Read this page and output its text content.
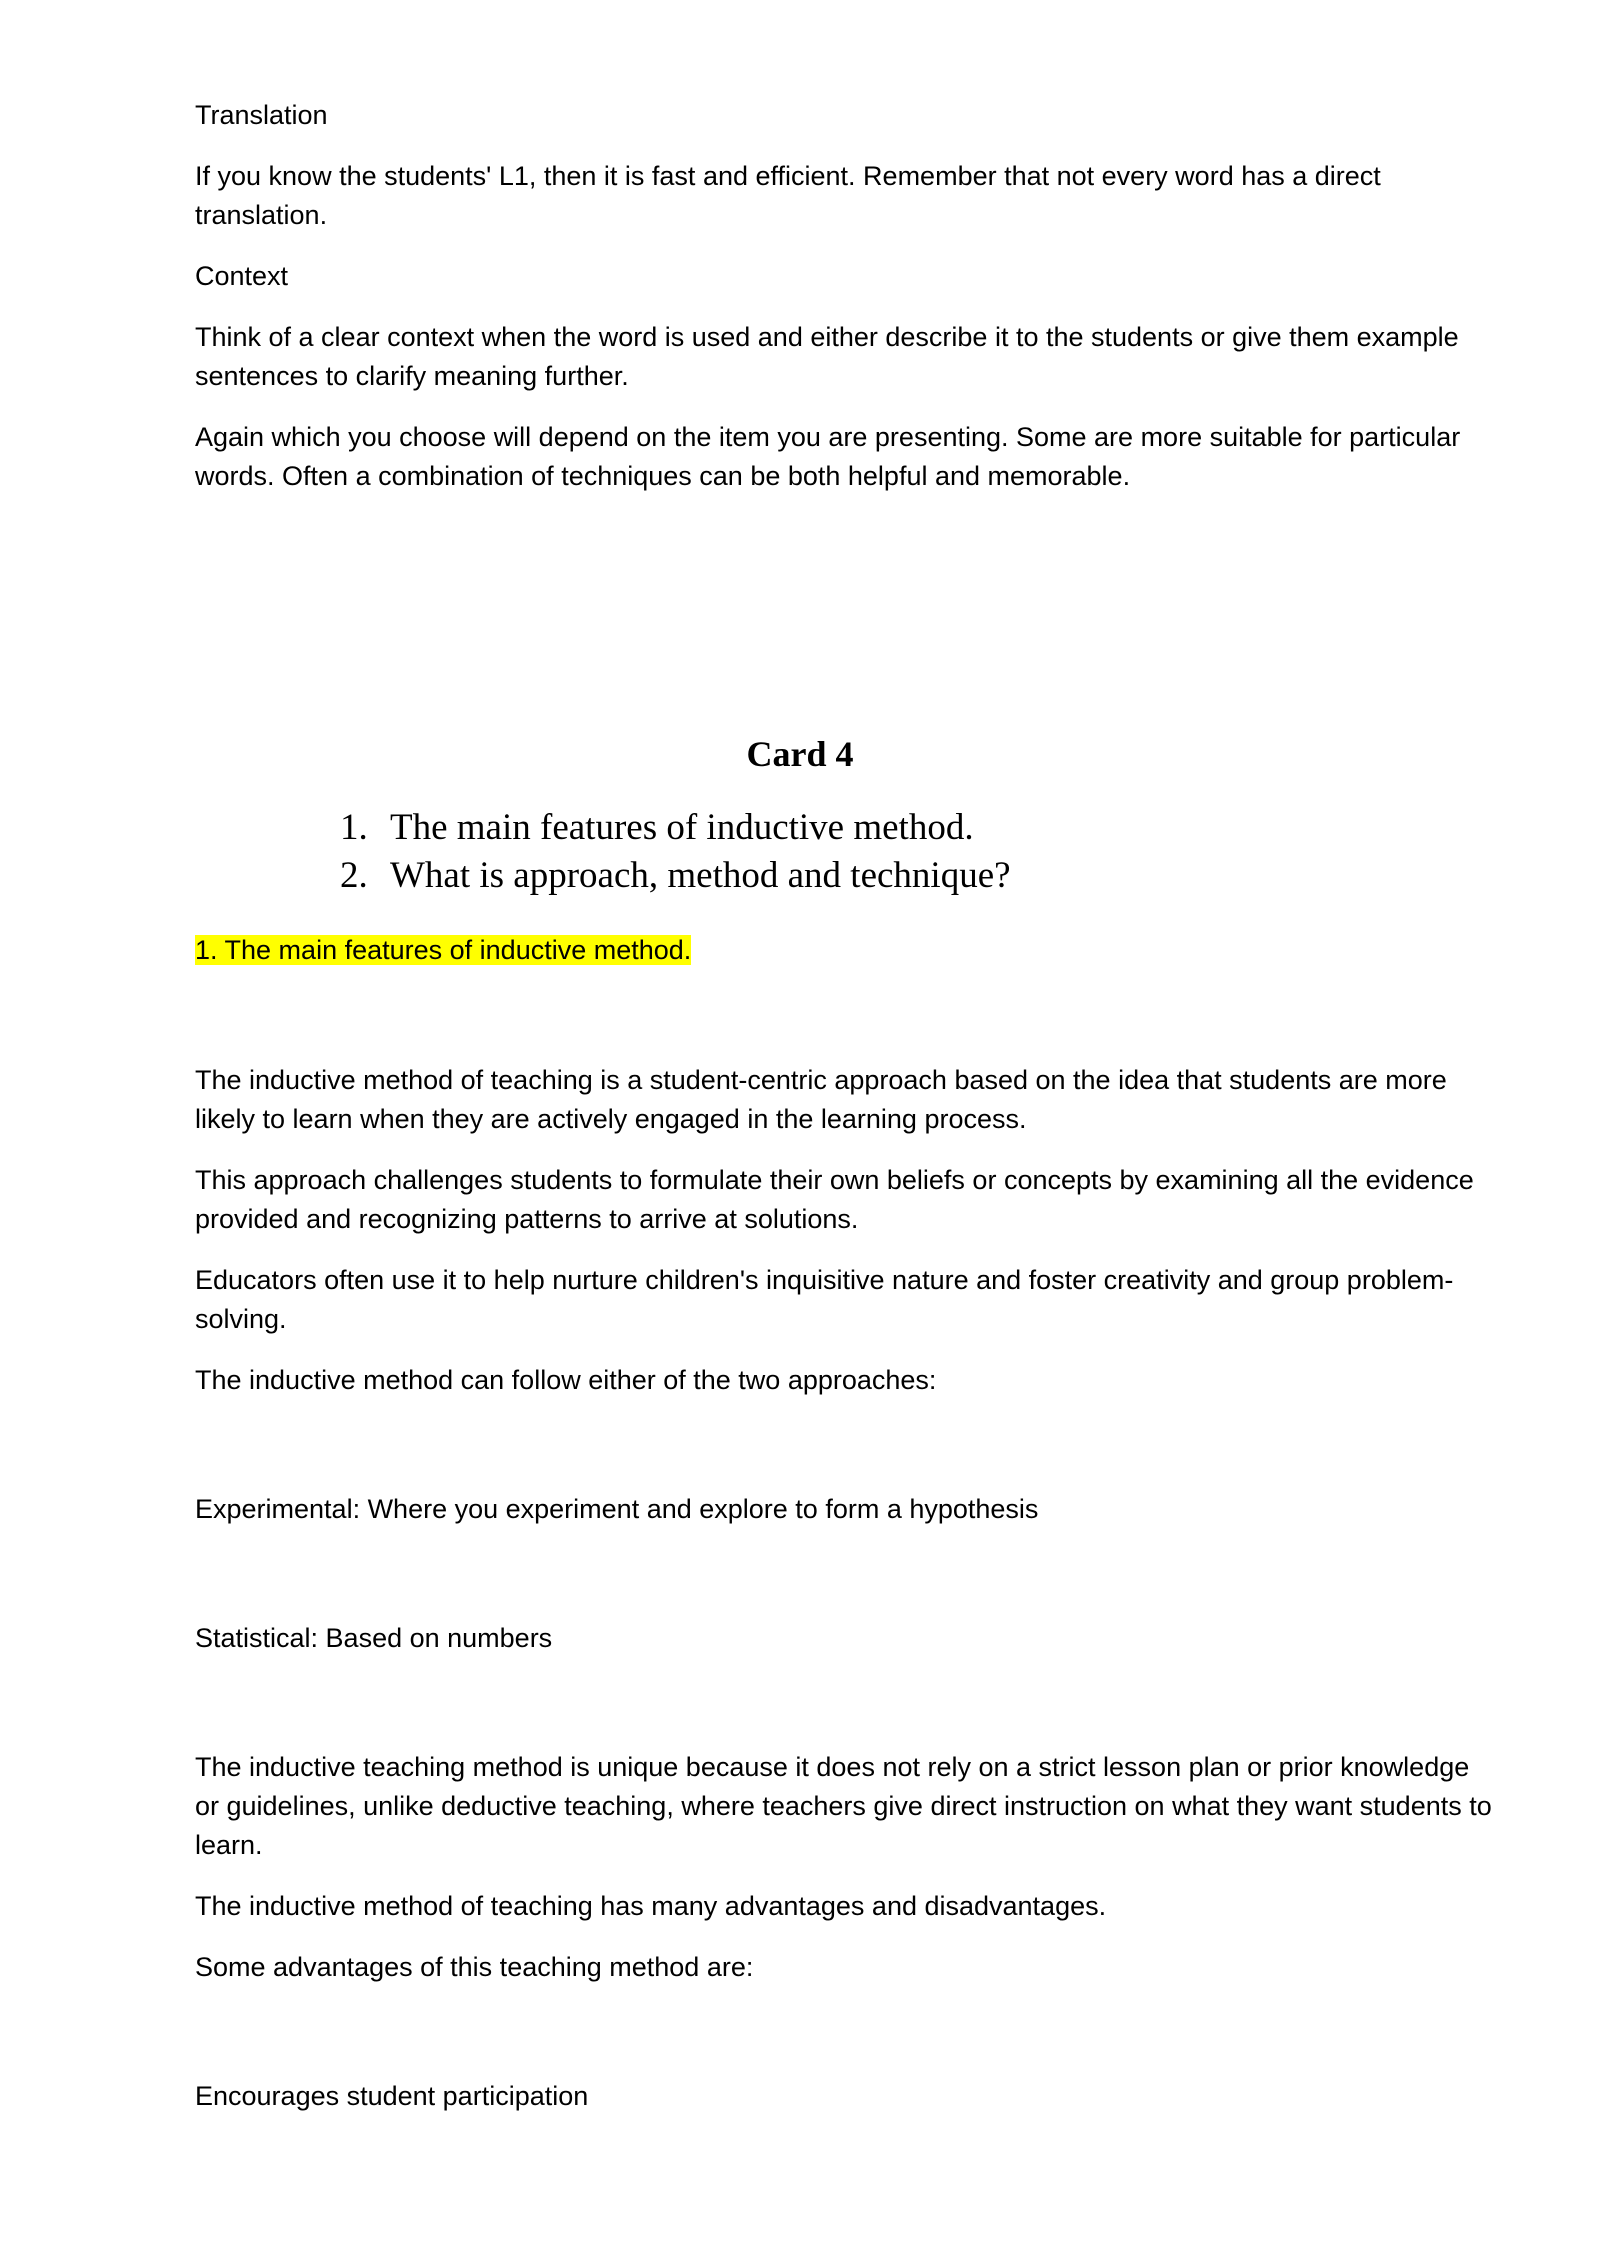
Translation

If you know the students' L1, then it is fast and efficient. Remember that not every word has a direct translation.

Context

Think of a clear context when the word is used and either describe it to the students or give them example sentences to clarify meaning further.

Again which you choose will depend on the item you are presenting. Some are more suitable for particular words. Often a combination of techniques can be both helpful and memorable.

Card 4
1. The main features of inductive method.
2. What is approach, method and technique?

1. The main features of inductive method.

The inductive method of teaching is a student-centric approach based on the idea that students are more likely to learn when they are actively engaged in the learning process.

This approach challenges students to formulate their own beliefs or concepts by examining all the evidence provided and recognizing patterns to arrive at solutions.

Educators often use it to help nurture children's inquisitive nature and foster creativity and group problem-solving.

The inductive method can follow either of the two approaches:

Experimental: Where you experiment and explore to form a hypothesis

Statistical: Based on numbers

The inductive teaching method is unique because it does not rely on a strict lesson plan or prior knowledge or guidelines, unlike deductive teaching, where teachers give direct instruction on what they want students to learn.

The inductive method of teaching has many advantages and disadvantages.

Some advantages of this teaching method are:

Encourages student participation
